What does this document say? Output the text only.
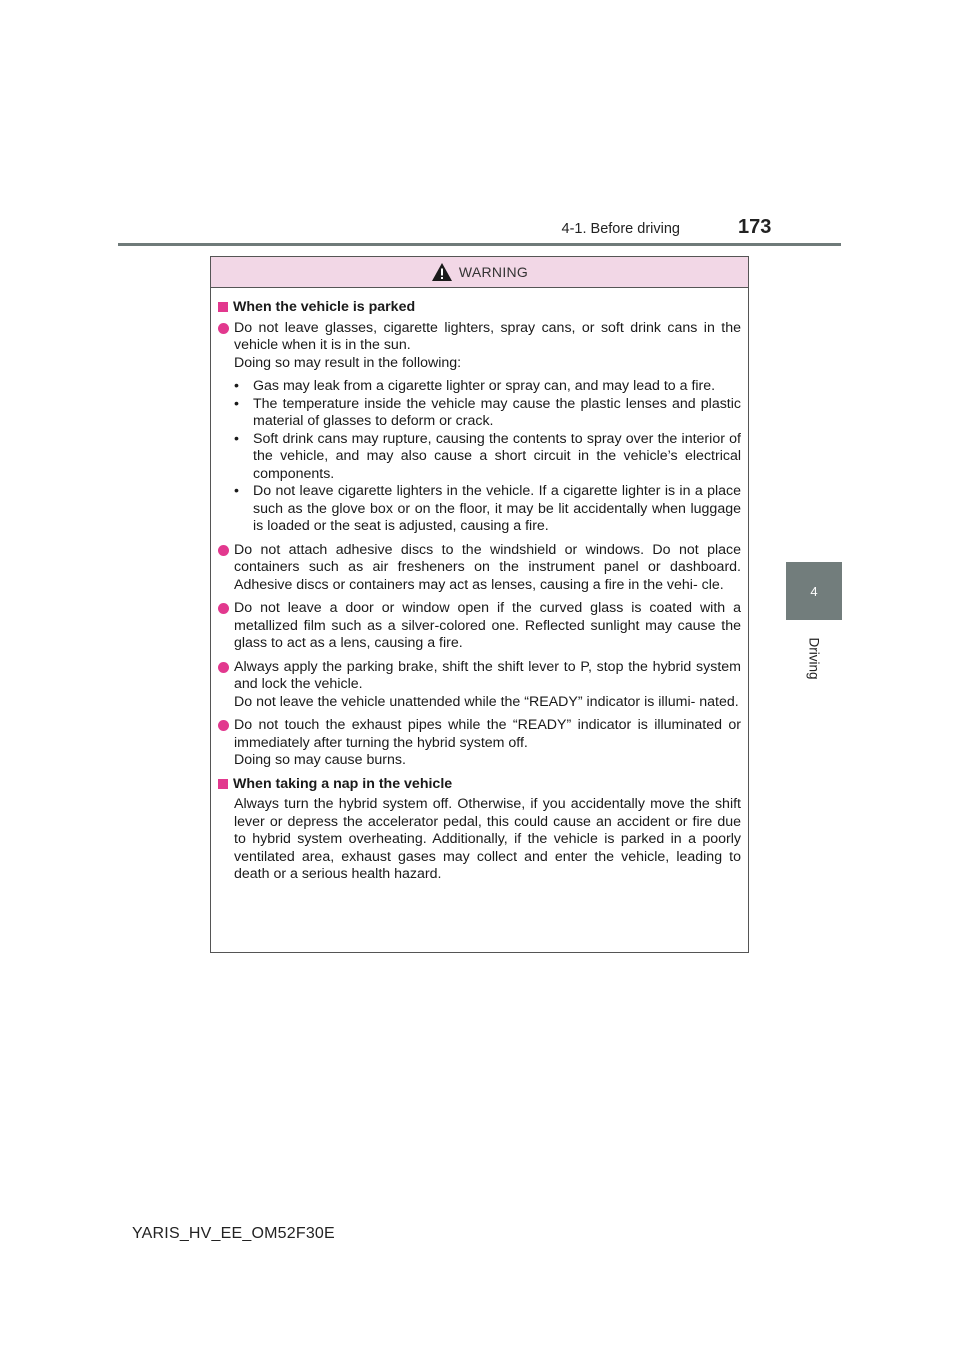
4-1. Before driving	173
4
Driving
WARNING
When the vehicle is parked

Do not leave glasses, cigarette lighters, spray cans, or soft drink cans in the vehicle when it is in the sun.

Doing so may result in the following:

• Gas may leak from a cigarette lighter or spray can, and may lead to a fire.
• The temperature inside the vehicle may cause the plastic lenses and plastic material of glasses to deform or crack.
• Soft drink cans may rupture, causing the contents to spray over the interior of the vehicle, and may also cause a short circuit in the vehicle’s electrical components.
• Do not leave cigarette lighters in the vehicle. If a cigarette lighter is in a place such as the glove box or on the floor, it may be lit accidentally when luggage is loaded or the seat is adjusted, causing a fire.

Do not attach adhesive discs to the windshield or windows. Do not place containers such as air fresheners on the instrument panel or dashboard. Adhesive discs or containers may act as lenses, causing a fire in the vehi- cle.

Do not leave a door or window open if the curved glass is coated with a metallized film such as a silver-colored one. Reflected sunlight may cause the glass to act as a lens, causing a fire.

Always apply the parking brake, shift the shift lever to P, stop the hybrid system and lock the vehicle.

Do not leave the vehicle unattended while the “READY” indicator is illumi- nated.

Do not touch the exhaust pipes while the “READY” indicator is illuminated or immediately after turning the hybrid system off.

Doing so may cause burns.

When taking a nap in the vehicle
Always turn the hybrid system off. Otherwise, if you accidentally move the shift lever or depress the accelerator pedal, this could cause an accident or fire due to hybrid system overheating. Additionally, if the vehicle is parked in a poorly ventilated area, exhaust gases may collect and enter the vehicle, leading to death or a serious health hazard.
YARIS_HV_EE_OM52F30E
